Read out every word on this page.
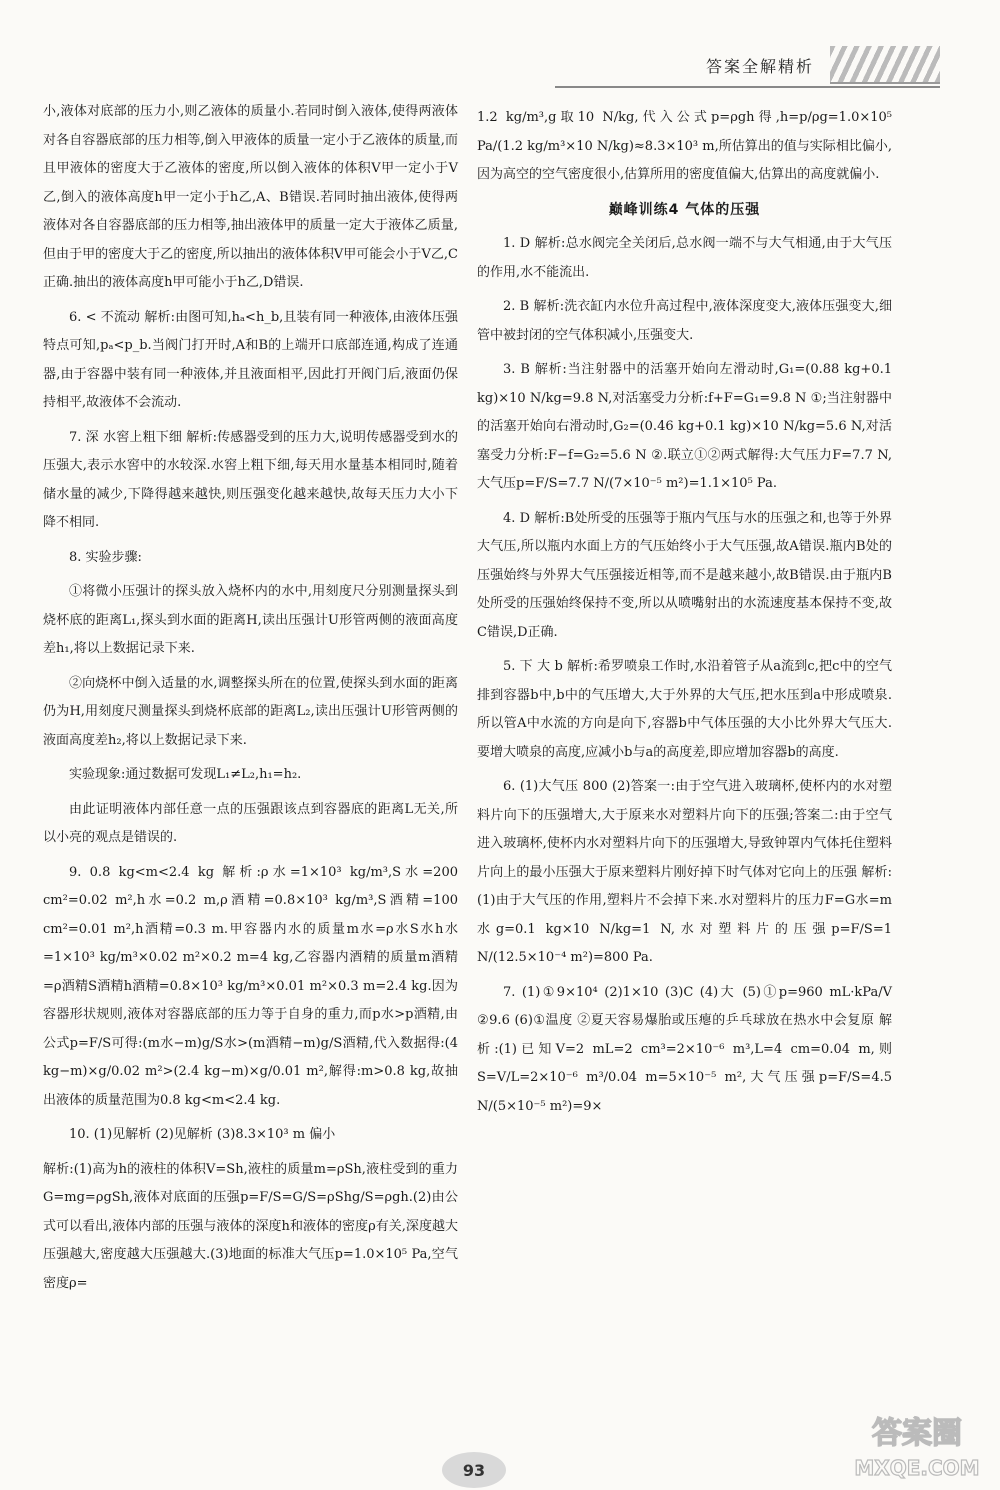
答案全解精析

小,液体对底部的压力小,则乙液体的质量小.若同时倒入液体,使得两液体对各自容器底部的压力相等,倒入甲液体的质量一定小于乙液体的质量,而且甲液体的密度大于乙液体的密度,所以倒入液体的体积V甲一定小于V乙,倒入的液体高度h甲一定小于h乙,A、B错误.若同时抽出液体,使得两液体对各自容器底部的压力相等,抽出液体甲的质量一定大于液体乙质量,但由于甲的密度大于乙的密度,所以抽出的液体体积V甲可能会小于V乙,C正确.抽出的液体高度h甲可能小于h乙,D错误.

6. < 不流动 解析:由图可知,hₐ<h_b,且装有同一种液体,由液体压强特点可知,pₐ<p_b.当阀门打开时,A和B的上端开口底部连通,构成了连通器,由于容器中装有同一种液体,并且液面相平,因此打开阀门后,液面仍保持相平,故液体不会流动.

7. 深 水窖上粗下细 解析:传感器受到的压力大,说明传感器受到水的压强大,表示水窖中的水较深.水窖上粗下细,每天用水量基本相同时,随着储水量的减少,下降得越来越快,则压强变化越来越快,故每天压力大小下降不相同.

8. 实验步骤:

①将微小压强计的探头放入烧杯内的水中,用刻度尺分别测量探头到烧杯底的距离L₁,探头到水面的距离H,读出压强计U形管两侧的液面高度差h₁,将以上数据记录下来.

②向烧杯中倒入适量的水,调整探头所在的位置,使探头到水面的距离仍为H,用刻度尺测量探头到烧杯底部的距离L₂,读出压强计U形管两侧的液面高度差h₂,将以上数据记录下来.

实验现象:通过数据可发现L₁≠L₂,h₁=h₂.

由此证明液体内部任意一点的压强跟该点到容器底的距离L无关,所以小亮的观点是错误的.

9. 0.8 kg<m<2.4 kg 解析:ρ水=1×10³ kg/m³,S水=200 cm²=0.02 m²,h水=0.2 m,ρ酒精=0.8×10³ kg/m³,S酒精=100 cm²=0.01 m²,h酒精=0.3 m.甲容器内水的质量m水=ρ水S水h水=1×10³ kg/m³×0.02 m²×0.2 m=4 kg,乙容器内酒精的质量m酒精=ρ酒精S酒精h酒精=0.8×10³ kg/m³×0.01 m²×0.3 m=2.4 kg.因为容器形状规则,液体对容器底部的压力等于自身的重力,而p水>p酒精,由公式p=F/S可得:(m水−m)g/S水>(m酒精−m)g/S酒精,代入数据得:(4 kg−m)×g/0.02 m²>(2.4 kg−m)×g/0.01 m²,解得:m>0.8 kg,故抽出液体的质量范围为0.8 kg<m<2.4 kg.

10. (1)见解析 (2)见解析 (3)8.3×10³ m 偏小

解析:(1)高为h的液柱的体积V=Sh,液柱的质量m=ρSh,液柱受到的重力G=mg=ρgSh,液体对底面的压强p=F/S=G/S=ρShg/S=ρgh.(2)由公式可以看出,液体内部的压强与液体的深度h和液体的密度ρ有关,深度越大压强越大,密度越大压强越大.(3)地面的标准大气压p=1.0×10⁵ Pa,空气密度ρ=

1.2 kg/m³,g取10 N/kg,代入公式p=ρgh得,h=p/ρg=1.0×10⁵ Pa/(1.2 kg/m³×10 N/kg)≈8.3×10³ m,所估算出的值与实际相比偏小,因为高空的空气密度很小,估算所用的密度值偏大,估算出的高度就偏小.

巅峰训练4 气体的压强

1. D 解析:总水阀完全关闭后,总水阀一端不与大气相通,由于大气压的作用,水不能流出.

2. B 解析:洗衣缸内水位升高过程中,液体深度变大,液体压强变大,细管中被封闭的空气体积减小,压强变大.

3. B 解析:当注射器中的活塞开始向左滑动时,G₁=(0.88 kg+0.1 kg)×10 N/kg=9.8 N,对活塞受力分析:f+F=G₁=9.8 N ①;当注射器中的活塞开始向右滑动时,G₂=(0.46 kg+0.1 kg)×10 N/kg=5.6 N,对活塞受力分析:F−f=G₂=5.6 N ②.联立①②两式解得:大气压力F=7.7 N,大气压p=F/S=7.7 N/(7×10⁻⁵ m²)=1.1×10⁵ Pa.

4. D 解析:B处所受的压强等于瓶内气压与水的压强之和,也等于外界大气压,所以瓶内水面上方的气压始终小于大气压强,故A错误.瓶内B处的压强始终与外界大气压强接近相等,而不是越来越小,故B错误.由于瓶内B处所受的压强始终保持不变,所以从喷嘴射出的水流速度基本保持不变,故C错误,D正确.

5. 下 大 b 解析:希罗喷泉工作时,水沿着管子从a流到c,把c中的空气排到容器b中,b中的气压增大,大于外界的大气压,把水压到a中形成喷泉.所以管A中水流的方向是向下,容器b中气体压强的大小比外界大气压大.要增大喷泉的高度,应减小b与a的高度差,即应增加容器b的高度.

6. (1)大气压 800 (2)答案一:由于空气进入玻璃杯,使杯内的水对塑料片向下的压强增大,大于原来水对塑料片向下的压强;答案二:由于空气进入玻璃杯,使杯内水对塑料片向下的压强增大,导致钟罩内气体托住塑料片向上的最小压强大于原来塑料片刚好掉下时气体对它向上的压强 解析:(1)由于大气压的作用,塑料片不会掉下来.水对塑料片的压力F=G水=m水g=0.1 kg×10 N/kg=1 N,水对塑料片的压强p=F/S=1 N/(12.5×10⁻⁴ m²)=800 Pa.

7. (1)①9×10⁴ (2)1×10 (3)C (4)大 (5)①p=960 mL·kPa/V ②9.6 (6)①温度 ②夏天容易爆胎或压瘪的乒乓球放在热水中会复原 解析:(1)已知V=2 mL=2 cm³=2×10⁻⁶ m³,L=4 cm=0.04 m,则S=V/L=2×10⁻⁶ m³/0.04 m=5×10⁻⁵ m²,大气压强p=F/S=4.5 N/(5×10⁻⁵ m²)=9×

93
答案圈
MXQE.COM
